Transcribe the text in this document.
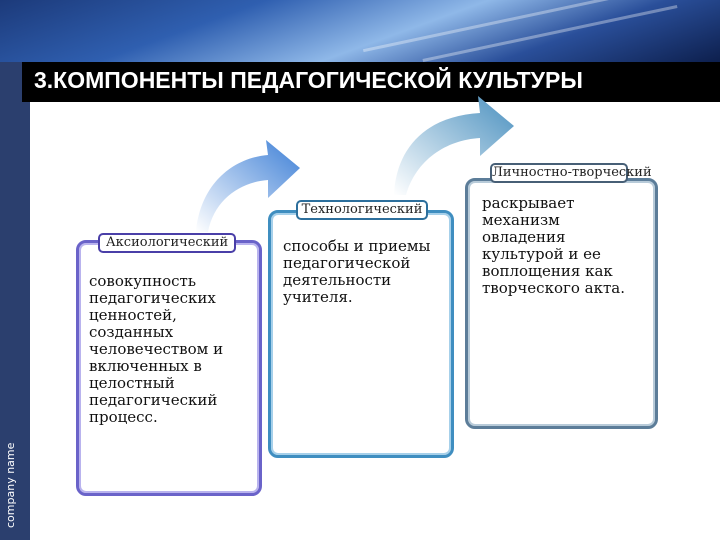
company name
3.КОМПОНЕНТЫ ПЕДАГОГИЧЕСКОЙ КУЛЬТУРЫ
совокупность
педагогических
ценностей,
созданных
человечеством и
включенных в
целостный
педагогический
процесс.
способы и приемы
педагогической
деятельности
учителя.
раскрывает
механизм
овладения
культурой и ее
воплощения как
творческого акта.
Аксиологический
Технологический
Личностно-творческий
